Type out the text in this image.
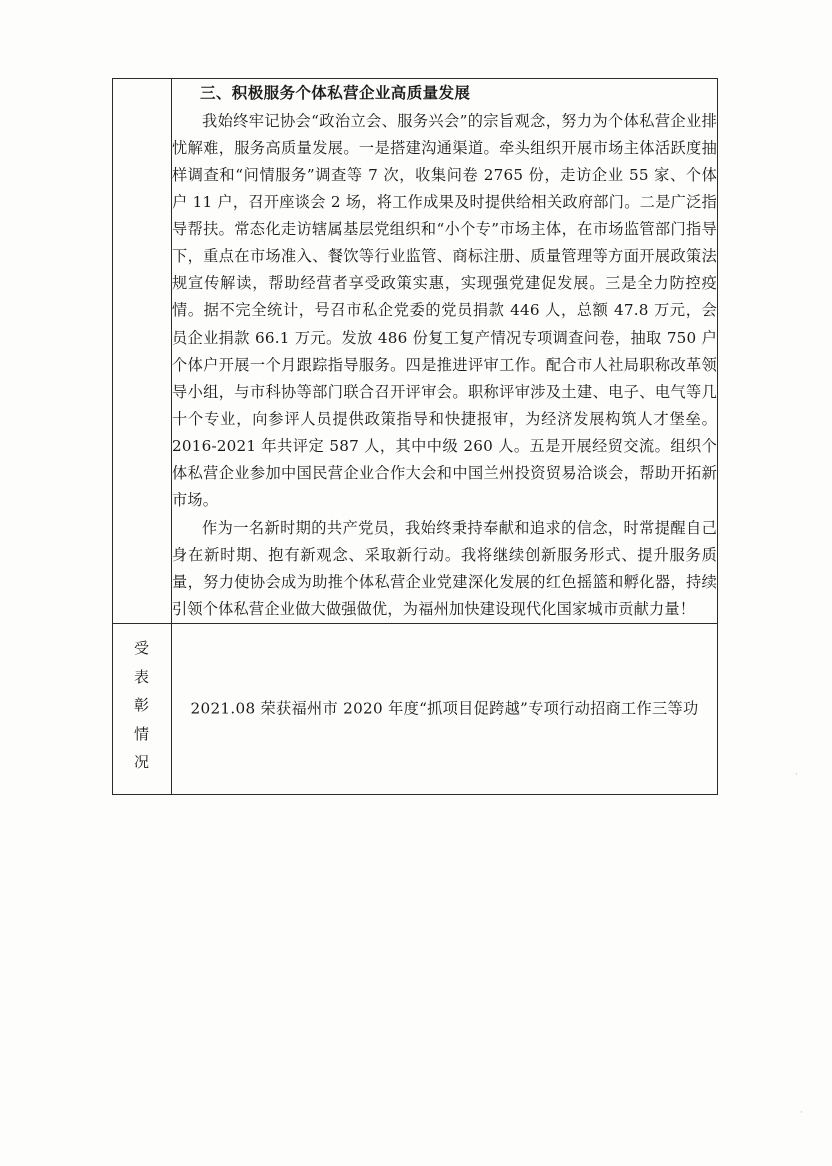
	三、积极服务个体私营企业高质量发展

我始终牢记协会“政治立会、服务兴会”的宗旨观念，努力为个体私营企业排忧解难，服务高质量发展。一是搭建沟通渠道。牵头组织开展市场主体活跃度抽样调查和“问情服务”调查等 7 次，收集问卷 2765 份，走访企业 55 家、个体户 11 户，召开座谈会 2 场，将工作成果及时提供给相关政府部门。二是广泛指导帮扶。常态化走访辖属基层党组织和“小个专”市场主体，在市场监管部门指导下，重点在市场准入、餐饮等行业监管、商标注册、质量管理等方面开展政策法规宣传解读，帮助经营者享受政策实惠，实现强党建促发展。三是全力防控疫情。据不完全统计，号召市私企党委的党员捐款 446 人，总额 47.8 万元，会员企业捐款 66.1 万元。发放 486 份复工复产情况专项调查问卷，抽取 750 户个体户开展一个月跟踪指导服务。四是推进评审工作。配合市人社局职称改革领导小组，与市科协等部门联合召开评审会。职称评审涉及土建、电子、电气等几十个专业，向参评人员提供政策指导和快捷报审，为经济发展构筑人才堡垒。2016-2021 年共评定 587 人，其中中级 260 人。五是开展经贸交流。组织个体私营企业参加中国民营企业合作大会和中国兰州投资贸易洽谈会，帮助开拓新市场。

作为一名新时期的共产党员，我始终秉持奉献和追求的信念，时常提醒自己身在新时期、抱有新观念、采取新行动。我将继续创新服务形式、提升服务质量，努力使协会成为助推个体私营企业党建深化发展的红色摇篮和孵化器，持续引领个体私营企业做大做强做优，为福州加快建设现代化国家城市贡献力量！

受
表
彰
情
况	2021.08 荣获福州市 2020 年度“抓项目促跨越”专项行动招商工作三等功
·
·
